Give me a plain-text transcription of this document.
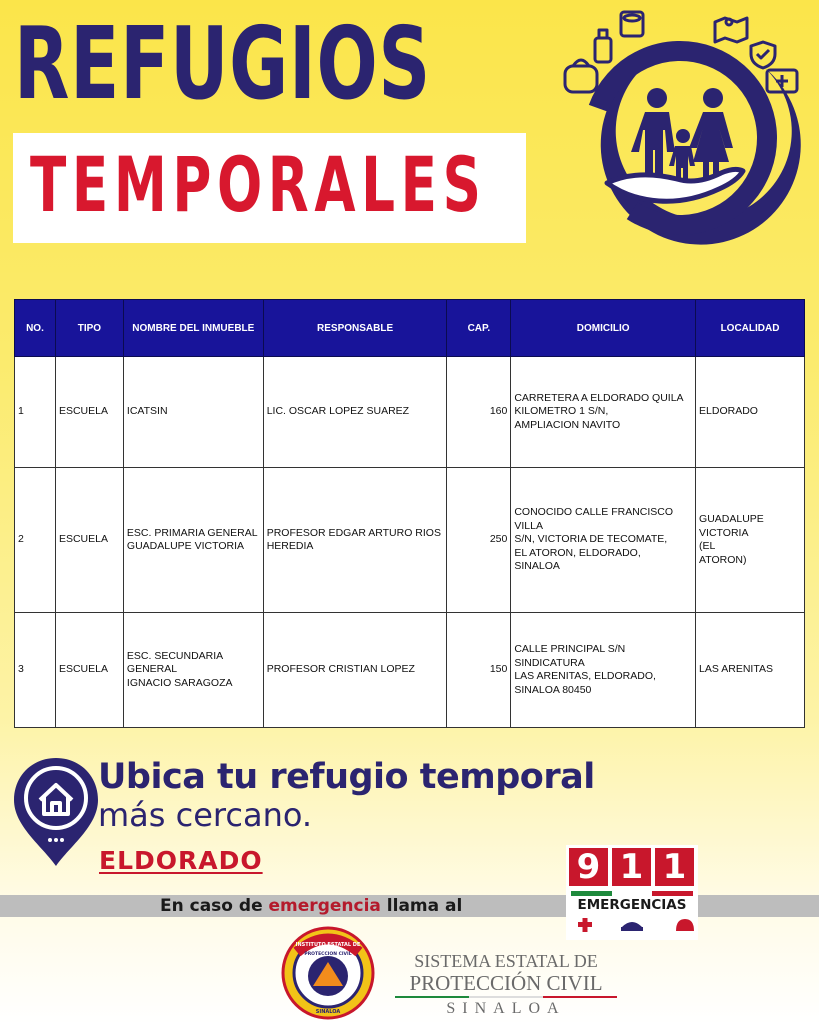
REFUGIOS
TEMPORALES
NO.	TIPO	NOMBRE DEL INMUEBLE	RESPONSABLE	CAP.	DOMICILIO	LOCALIDAD
1	ESCUELA	ICATSIN	LIC. OSCAR LOPEZ SUAREZ	160	CARRETERA A ELDORADO QUILA
KILOMETRO 1 S/N,
AMPLIACION NAVITO	ELDORADO
2	ESCUELA	ESC. PRIMARIA GENERAL
GUADALUPE VICTORIA	PROFESOR EDGAR ARTURO RIOS
HEREDIA	250	CONOCIDO CALLE FRANCISCO
VILLA
S/N, VICTORIA DE TECOMATE,
EL ATORON, ELDORADO,
SINALOA	GUADALUPE
VICTORIA
(EL
ATORON)
3	ESCUELA	ESC. SECUNDARIA
GENERAL
IGNACIO SARAGOZA	PROFESOR CRISTIAN LOPEZ	150	CALLE PRINCIPAL S/N
SINDICATURA
LAS ARENITAS, ELDORADO,
SINALOA 80450	LAS ARENITAS
Ubica tu refugio temporal
más cercano.
ELDORADO
En caso de emergencia llama al
9 1 1
EMERGENCIAS
INSTITUTO ESTATAL DE
PROTECCION CIVIL
SINALOA
SISTEMA ESTATAL DE
PROTECCIÓN CIVIL
SINALOA
